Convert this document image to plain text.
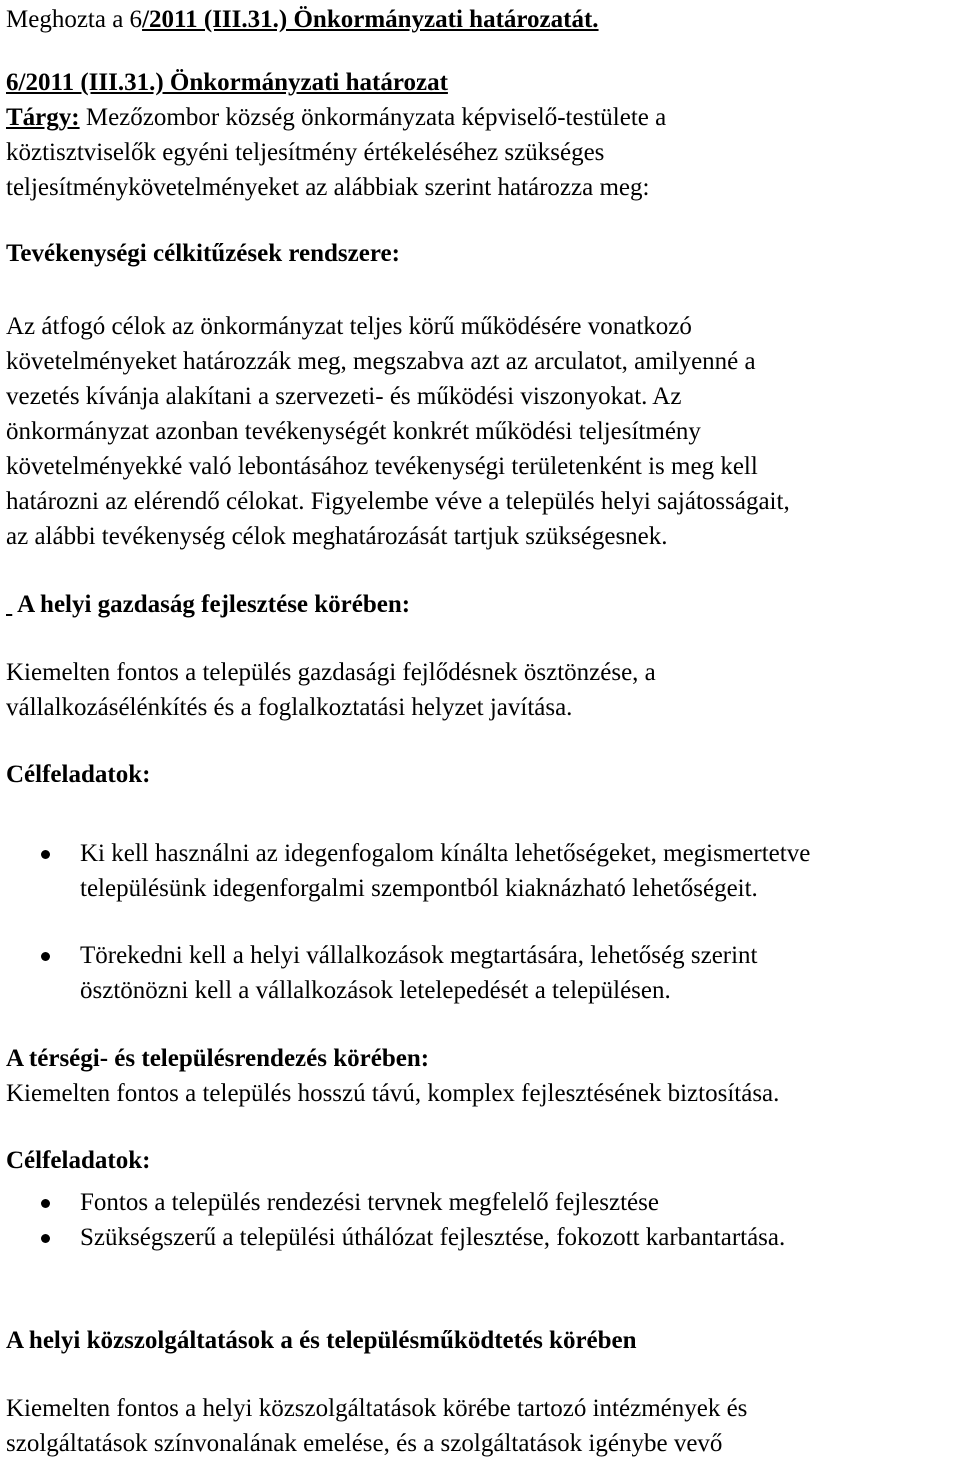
Meghozta a 6/2011 (III.31.) Önkormányzati határozatát.

6/2011 (III.31.) Önkormányzati határozat
Tárgy: Mezőzombor község önkormányzata képviselő-testülete a
köztisztviselők egyéni teljesítmény értékeléséhez szükséges
teljesítménykövetelményeket az alábbiak szerint határozza meg:

Tevékenységi célkitűzések rendszere:

Az átfogó célok az önkormányzat teljes körű működésére vonatkozó
követelményeket határozzák meg, megszabva azt az arculatot, amilyenné a
vezetés kívánja alakítani a szervezeti- és működési viszonyokat. Az
önkormányzat azonban tevékenységét konkrét működési teljesítmény
követelményekké való lebontásához tevékenységi területenként is meg kell
határozni az elérendő célokat. Figyelembe véve a település helyi sajátosságait,
az alábbi tevékenység célok meghatározását tartjuk szükségesnek.

A helyi gazdaság fejlesztése körében:

Kiemelten fontos a település gazdasági fejlődésnek ösztönzése, a
vállalkozásélénkítés és a foglalkoztatási helyzet javítása.

Célfeladatok:

Ki kell használni az idegenfogalom kínálta lehetőségeket, megismertetve
településünk idegenforgalmi szempontból kiaknázható lehetőségeit.
Törekedni kell a helyi vállalkozások megtartására, lehetőség szerint
ösztönözni kell a vállalkozások letelepedését a településen.

A térségi- és településrendezés körében:

Kiemelten fontos a település hosszú távú, komplex fejlesztésének biztosítása.

Célfeladatok:

Fontos a település rendezési tervnek megfelelő fejlesztése
Szükségszerű a települési úthálózat fejlesztése, fokozott karbantartása.

A helyi közszolgáltatások a és településműködtetés körében

Kiemelten fontos a helyi közszolgáltatások körébe tartozó intézmények és
szolgáltatások színvonalának emelése, és a szolgáltatások igénybe vevő
